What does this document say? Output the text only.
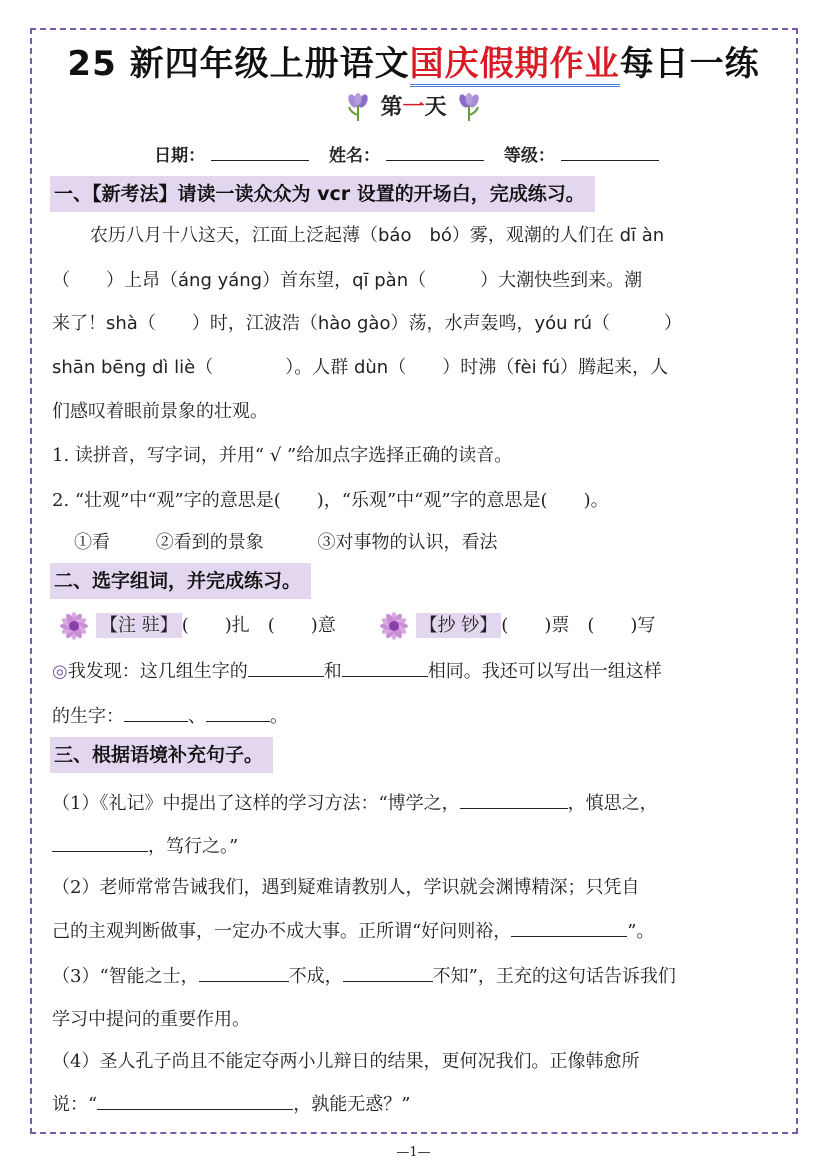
25 新四年级上册语文国庆假期作业每日一练
第一天
日期：	姓名：	等级：
一、【新考法】请读一读众众为 vcr 设置的开场白，完成练习。
农历八月十八这天，江面上泛起薄（báo　bó）雾，观潮的人们在 dī àn
（　　）上昂（áng yáng）首东望，qī pàn（　　　）大潮快些到来。潮
来了！shà（　　）时，江波浩（hào gào）荡，水声轰鸣，yóu rú（　　　）
shān bēng dì liè（　　　　）。人群 dùn（　　）时沸（fèi fú）腾起来，人
们感叹着眼前景象的壮观。
1. 读拼音，写字词，并用“ √ ”给加点字选择正确的读音。
2. “壮观”中“观”字的意思是(　　)，“乐观”中“观”字的意思是(　　)。
①看	②看到的景象	③对事物的认识，看法
二、选字组词，并完成练习。
【注 驻】 (　　)扎　(　　)意	【抄 钞】 (　　)票　(　　)写
◎我发现：这几组生字的	和	相同。我还可以写出一组这样
的生字：	、	。
三、根据语境补充句子。
（1）《礼记》中提出了这样的学习方法：“博学之，	，慎思之，
，笃行之。”
（2）老师常常告诫我们，遇到疑难请教别人，学识就会渊博精深；只凭自
己的主观判断做事，一定办不成大事。正所谓“好问则裕，	”。
（3）“智能之士，	不成，	不知”，王充的这句话告诉我们
学习中提问的重要作用。
（4）圣人孔子尚且不能定夺两小儿辩日的结果，更何况我们。正像韩愈所
说：“	，孰能无惑？”
—1—
